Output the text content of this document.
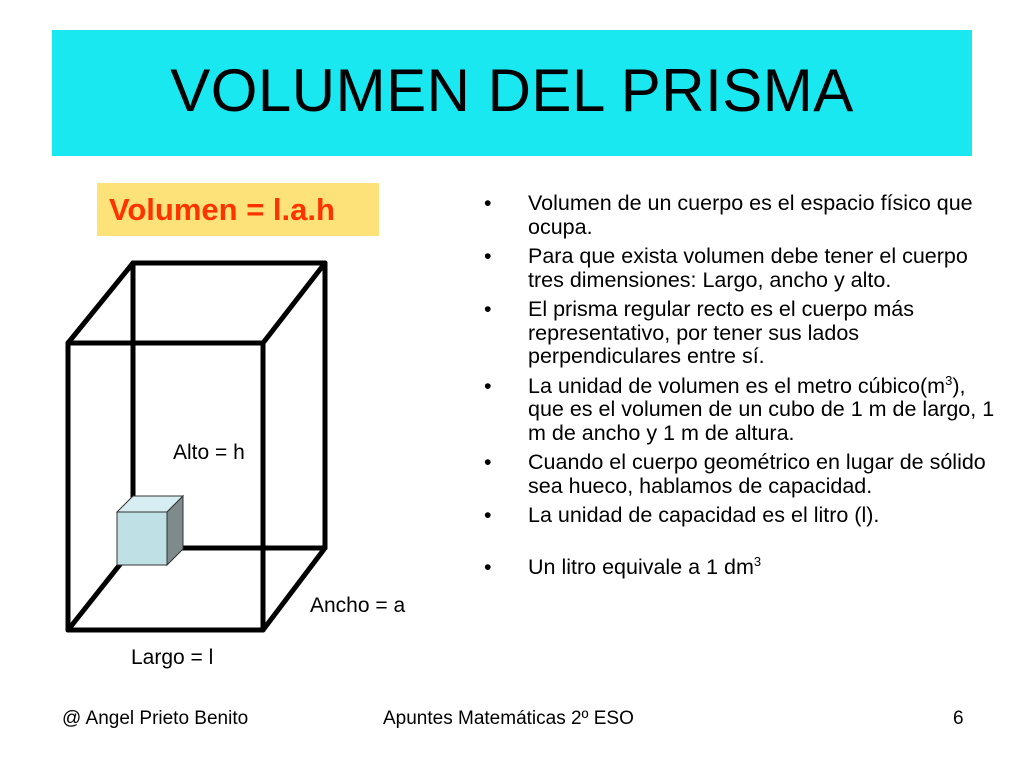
VOLUMEN DEL PRISMA
Volumen = l.a.h
Alto = h
Ancho = a
Largo = l
• Volumen de un cuerpo es el espacio físico que ocupa.
• Para que exista volumen debe tener el cuerpo tres dimensiones: Largo, ancho y alto.
• El prisma regular recto es el cuerpo más representativo, por tener sus lados perpendiculares entre sí.
• La unidad de volumen es el metro $cúbico(m^3)$, que es el volumen de un cubo de 1 m de largo, 1 m de ancho y 1 m de altura.
• Cuando el cuerpo geométrico en lugar de sólido sea hueco, hablamos de capacidad.
• La unidad de capacidad es el litro (l).
• Un litro equivale a 1 $dm^3$
@ Angel Prieto Benito	Apuntes Matemáticas 2º ESO	6
